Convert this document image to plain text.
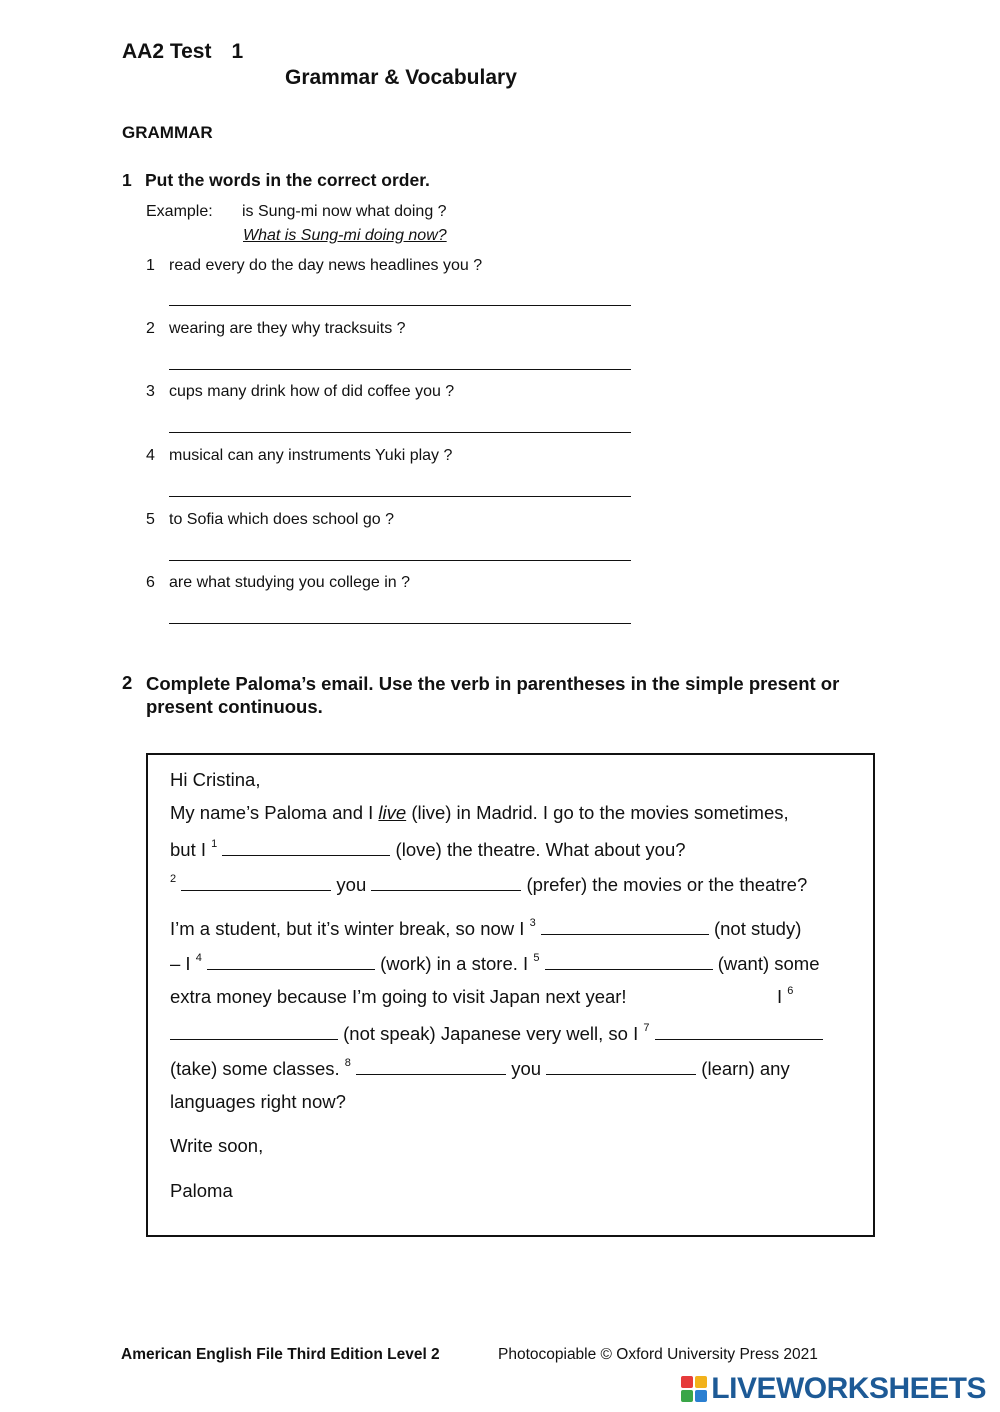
AA2 Test 1
Grammar & Vocabulary
GRAMMAR
1 Put the words in the correct order.
Example: is Sung-mi now what doing ?
What is Sung-mi doing now?
1 read every do the day news headlines you ?
2 wearing are they why tracksuits ?
3 cups many drink how of did coffee you ?
4 musical can any instruments Yuki play ?
5 to Sofia which does school go ?
6 are what studying you college in ?
2 Complete Paloma’s email. Use the verb in parentheses in the simple present or present continuous.
Hi Cristina,
My name’s Paloma and I live (live) in Madrid. I go to the movies sometimes,
but I $^1$	(love) the theatre. What about you?
$^2$	you	(prefer) the movies or the theatre?
I’m a student, but it’s winter break, so now I $^3$	(not study)
– I $^4$	(work) in a store. I $^5$	(want) some
extra money because I’m going to visit Japan next year!	I $^6$
(not speak) Japanese very well, so I $^7$
(take) some classes. $^8$	you	(learn) any
languages right now?
Write soon,
Paloma
American English File Third Edition Level 2	Photocopiable © Oxford University Press 2021
LIVEWORKSHEETS
